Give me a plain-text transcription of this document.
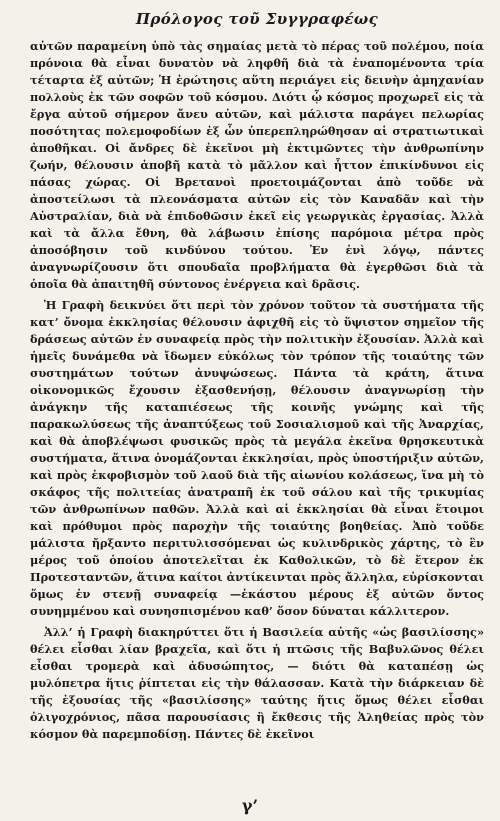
Πρόλογος τοῦ Συγγραφέως

αὐτῶν παραμείνη ὑπὸ τὰς σημαίας μετὰ τὸ πέρας τοῦ πολέμου, ποία πρόνοια θὰ εἶναι δυνατὸν νὰ ληφθῆ διὰ τὰ ἐναπομένοντα τρία τέταρτα ἐξ αὐτῶν; Ἡ ἐρώτησις αὕτη περιάγει εἰς δεινὴν ἀμηχανίαν πολλοὺς ἐκ τῶν σοφῶν τοῦ κόσμου. Διότι ᾧ κόσμος προχωρεῖ εἰς τὰ ἔργα αὐτοῦ σήμερον ἄνευ αὐτῶν, καὶ μάλιστα παράγει πελωρίας ποσότητας πολεμοφοδίων ἐξ ὧν ὑπερεπληρώθησαν αἱ στρατιωτικαὶ ἀποθῆκαι. Οἱ ἄνδρες δὲ ἐκεῖνοι μὴ ἐκτιμῶντες τὴν ἀνθρωπίνην ζωήν, θέλουσιν ἀποβῆ κατὰ τὸ μᾶλλον καὶ ἧττον ἐπικίνδυνοι εἰς πάσας χώρας. Οἱ Βρετανοὶ προετοιμάζονται ἀπὸ τοῦδε νὰ ἀποστείλωσι τὰ πλεονάσματα αὐτῶν εἰς τὸν Καναδᾶν καὶ τὴν Αὐστραλίαν, διὰ νὰ ἐπιδοθῶσιν ἐκεῖ εἰς γεωργικὰς ἐργασίας. Ἀλλὰ καὶ τὰ ἄλλα ἔθνη, θὰ λάβωσιν ἐπίσης παρόμοια μέτρα πρὸς ἀποσόβησιν τοῦ κινδύνου τούτου. Ἐν ἑνὶ λόγῳ, πάντες ἀναγνωρίζουσιν ὅτι σπουδαῖα προβλήματα θὰ ἐγερθῶσι διὰ τὰ ὁποῖα θὰ ἀπαιτηθῆ σύντονος ἐνέργεια καὶ δρᾶσις.

Ἡ Γραφὴ δεικνύει ὅτι περὶ τὸν χρόνον τοῦτον τὰ συστήματα τῆς κατ’ ὄνομα ἐκκλησίας θέλουσιν ἀφιχθῆ εἰς τὸ ὕψιστον σημεῖον τῆς δράσεως αὐτῶν ἐν συναφείᾳ πρὸς τὴν πολιτικὴν ἐξουσίαν. Ἀλλὰ καὶ ἡμεῖς δυνάμεθα νὰ ἴδωμεν εὐκόλως τὸν τρόπον τῆς τοιαύτης τῶν συστημάτων τούτων ἀνυψώσεως. Πάντα τὰ κράτη, ἅτινα οἰκονομικῶς ἔχουσιν ἐξασθενήσῃ, θέλουσιν ἀναγνωρίσῃ τὴν ἀνάγκην τῆς καταπιέσεως τῆς κοινῆς γνώμης καὶ τῆς παρακωλύσεως τῆς ἀναπτύξεως τοῦ Σοσιαλισμοῦ καὶ τῆς Ἀναρχίας, καὶ θὰ ἀποβλέψωσι φυσικῶς πρὸς τὰ μεγάλα ἐκεῖνα θρησκευτικὰ συστήματα, ἅτινα ὀνομάζονται ἐκκλησίαι, πρὸς ὑποστήριξιν αὐτῶν, καὶ πρὸς ἐκφοβισμὸν τοῦ λαοῦ διὰ τῆς αἰωνίου κολάσεως, ἵνα μὴ τὸ σκάφος τῆς πολιτείας ἀνατραπῆ ἐκ τοῦ σάλου καὶ τῆς τρικυμίας τῶν ἀνθρωπίνων παθῶν. Ἀλλὰ καὶ αἱ ἐκκλησίαι θὰ εἶναι ἕτοιμοι καὶ πρόθυμοι πρὸς παροχὴν τῆς τοιαύτης βοηθείας. Ἀπὸ τοῦδε μάλιστα ἤρξαντο περιτυλισσόμεναι ὡς κυλινδρικὸς χάρτης, τὸ ἓν μέρος τοῦ ὁποίου ἀποτελεῖται ἐκ Καθολικῶν, τὸ δὲ ἕτερον ἐκ Προτεσταντῶν, ἅτινα καίτοι ἀντίκεινται πρὸς ἄλληλα, εὑρίσκονται ὅμως ἐν στενῇ συναφείᾳ —ἑκάστου μέρους ἐξ αὐτῶν ὄντος συνημμένου καὶ συνησπισμένου καθ’ ὅσον δύναται κάλλιτερον.

Ἀλλ’ ἡ Γραφὴ διακηρύττει ὅτι ἡ Βασιλεία αὐτῆς «ὡς βασιλίσσης» θέλει εἶσθαι λίαν βραχεῖα, καὶ ὅτι ἡ πτῶσις τῆς Βαβυλῶνος θέλει εἶσθαι τρομερὰ καὶ ἀδυσώπητος, — διότι θὰ καταπέσῃ ὡς μυλόπετρα ἥτις ῥίπτεται εἰς τὴν θάλασσαν. Κατὰ τὴν διάρκειαν δὲ τῆς ἐξουσίας τῆς «βασιλίσσης» ταύτης ἥτις ὅμως θέλει εἶσθαι ὀλιγοχρόνιος, πᾶσα παρουσίασις ἢ ἔκθεσις τῆς Ἀληθείας πρὸς τὸν κόσμον θὰ παρεμποδίσῃ. Πάντες δὲ ἐκεῖνοι

γ’
